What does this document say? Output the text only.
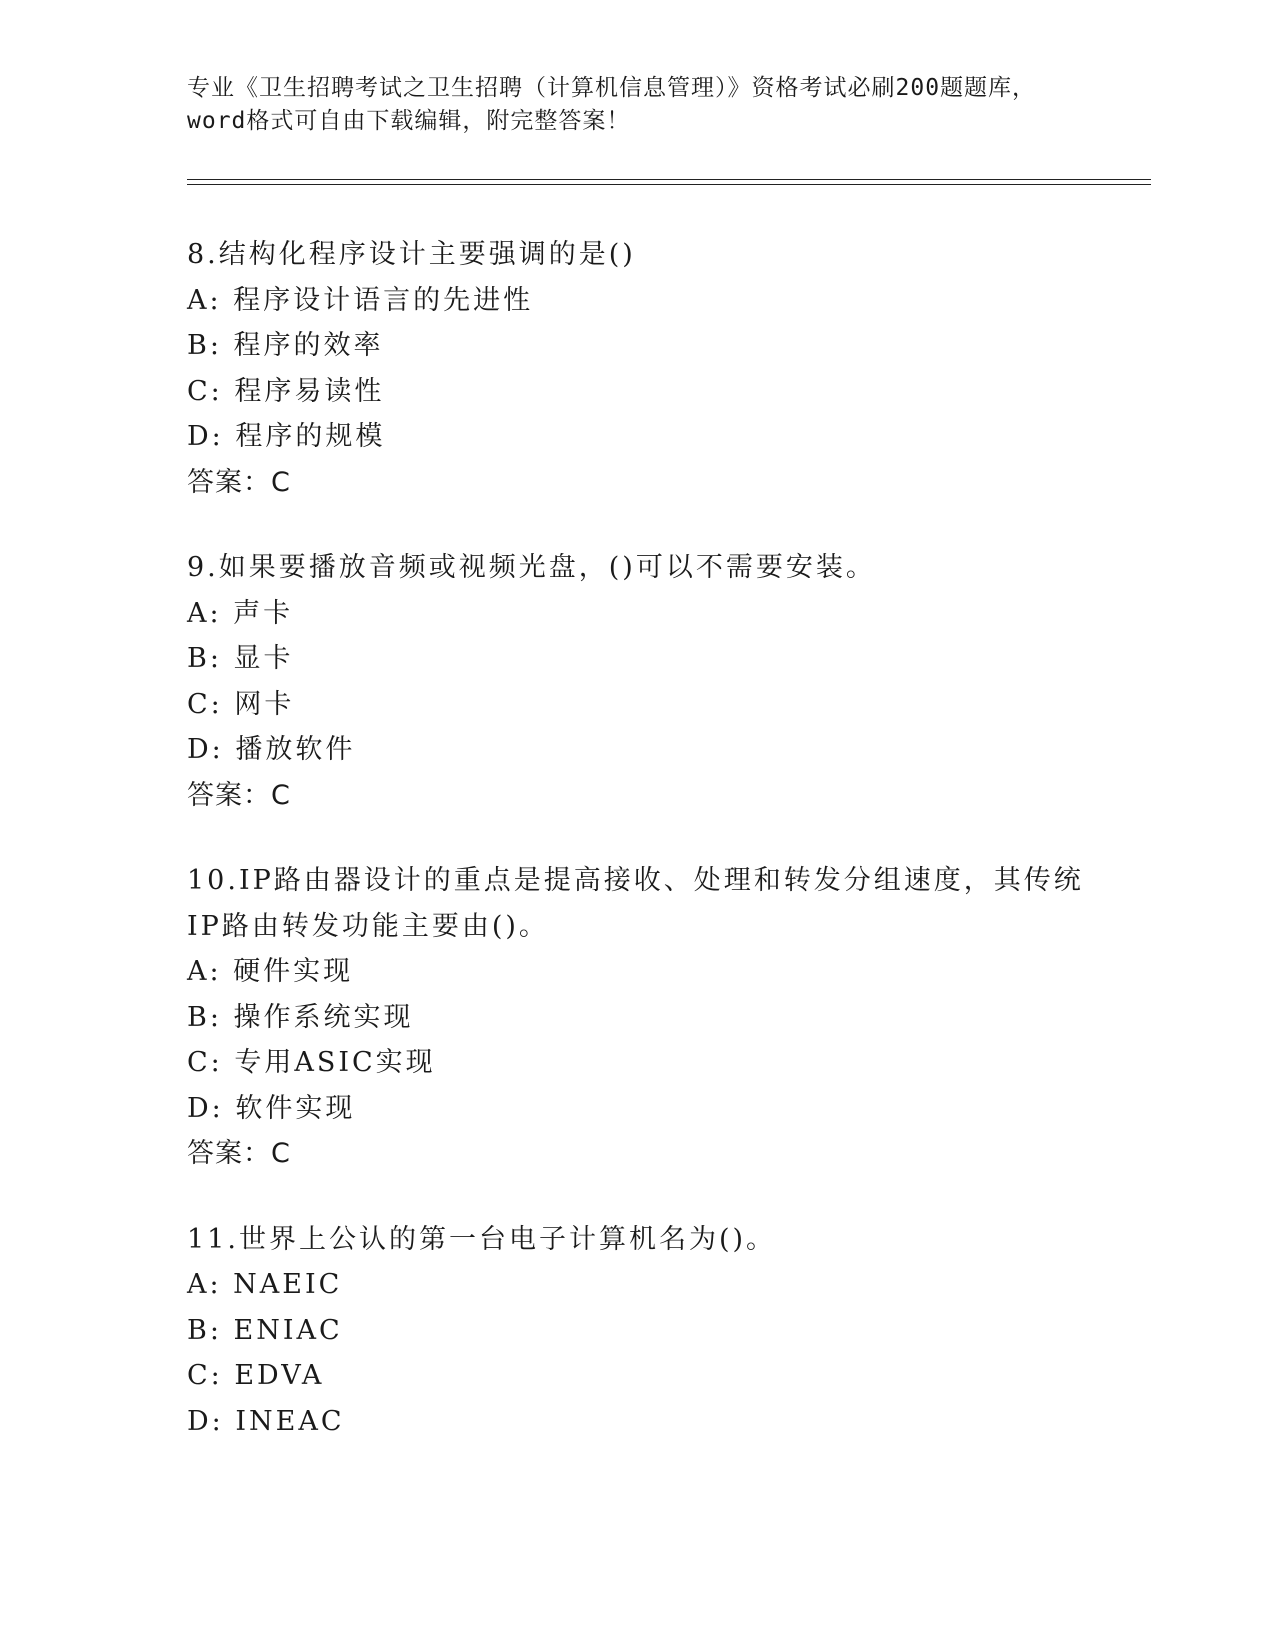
专业《卫生招聘考试之卫生招聘（计算机信息管理）》资格考试必刷200题题库，
word格式可自由下载编辑，附完整答案！
8.结构化程序设计主要强调的是()
A: 程序设计语言的先进性
B: 程序的效率
C: 程序易读性
D: 程序的规模
答案：C
9.如果要播放音频或视频光盘，()可以不需要安装。
A: 声卡
B: 显卡
C: 网卡
D: 播放软件
答案：C
10.IP路由器设计的重点是提高接收、处理和转发分组速度，其传统
IP路由转发功能主要由()。
A: 硬件实现
B: 操作系统实现
C: 专用ASIC实现
D: 软件实现
答案：C
11.世界上公认的第一台电子计算机名为()。
A: NAEIC
B: ENIAC
C: EDVA
D: INEAC
